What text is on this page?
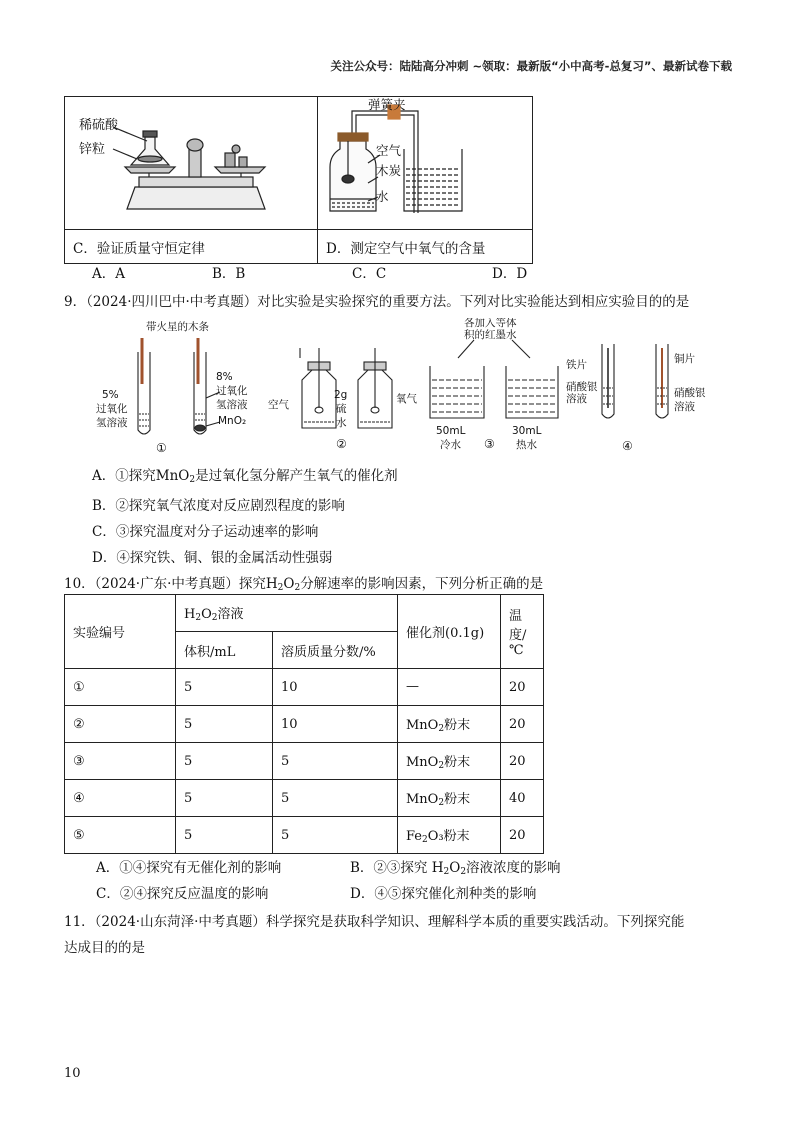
关注公众号：陆陆高分冲刺 ~领取：最新版“小中高考-总复习”、最新试卷下载
稀硫酸
锌粒	弹簧夹
空气
木炭
水

C．验证质量守恒定律	D．测定空气中氧气的含量
A．A	B．B	C．C	D．D
9．（2024·四川巴中·中考真题）对比实验是实验探究的重要方法。下列对比实验能达到相应实验目的的是
带火星的木条
5%
过氧化
氢溶液
8%
过氧化
氢溶液
MnO₂
①
空气
2g
硫
水
氧气
②
各加入等体
积的红墨水
50mL
冷水
30mL
热水
③
铁片
硝酸银
溶液
铜片
硝酸银
溶液
④
A．①探究MnO$_2$是过氧化氢分解产生氧气的催化剂
B．②探究氧气浓度对反应剧烈程度的影响
C．③探究温度对分子运动速率的影响
D．④探究铁、铜、银的金属活动性强弱
10．（2024·广东·中考真题）探究$H_2O_2$分解速率的影响因素，下列分析正确的是
实验编号	$H_2O_2$溶液		催化剂(0.1g)	温度/℃
	体积/mL	溶质质量分数/%		
①	5	10	—	20
②	5	10	MnO$_2$粉末	20
③	5	5	MnO$_2$粉末	20
④	5	5	MnO$_2$粉末	40
⑤	5	5	$Fe_2O_3$粉末	20
A．①④探究有无催化剂的影响	B．②③探究 $H_2O_2$溶液浓度的影响
C．②④探究反应温度的影响	D．④⑤探究催化剂种类的影响
11．（2024·山东菏泽·中考真题）科学探究是获取科学知识、理解科学本质的重要实践活动。下列探究能
达成目的的是
10
